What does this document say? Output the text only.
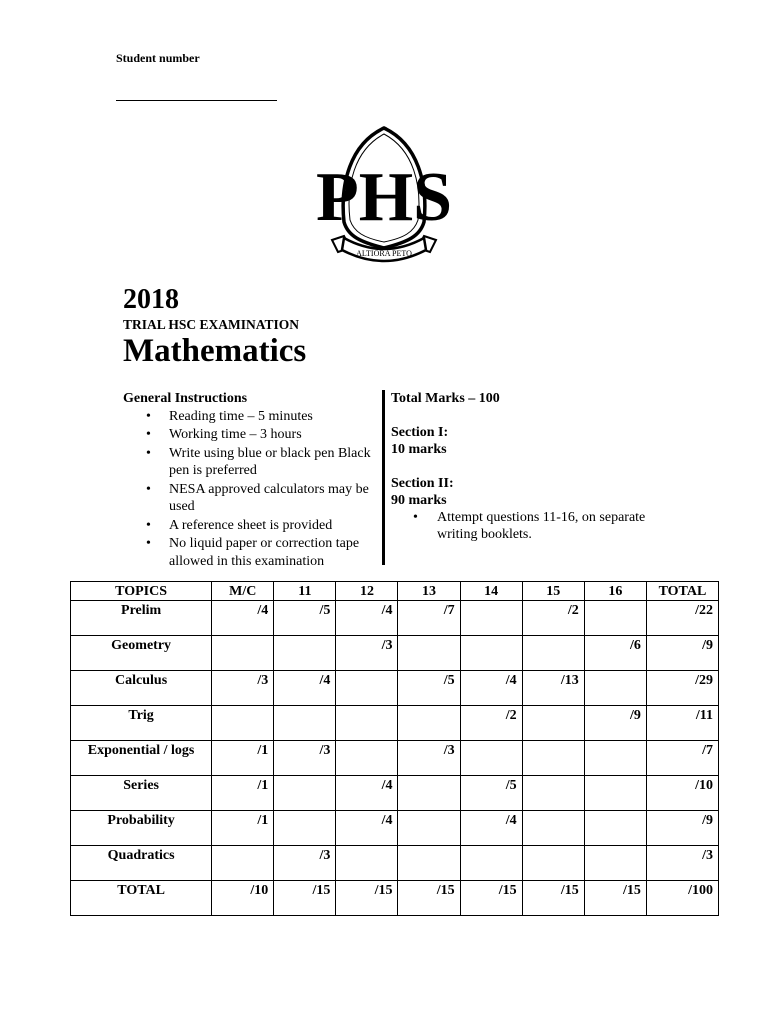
Student number
PHS
ALTIORA PETO
2018
TRIAL HSC EXAMINATION
Mathematics
General Instructions
• Reading time – 5 minutes
• Working time – 3 hours
• Write using blue or black pen Black pen is preferred
• NESA approved calculators may be used
• A reference sheet is provided
• No liquid paper or correction tape allowed in this examination
Total Marks – 100
Section I:
10 marks
Section II:
90 marks
• Attempt questions 11-16, on separate writing booklets.
TOPICS	M/C	11	12	13	14	15	16	TOTAL
Prelim	/4	/5	/4	/7		/2		/22
Geometry			/3				/6	/9
Calculus	/3	/4		/5	/4	/13		/29
Trig					/2		/9	/11
Exponential / logs	/1	/3		/3				/7
Series	/1		/4		/5			/10
Probability	/1		/4		/4			/9
Quadratics		/3						/3
TOTAL	/10	/15	/15	/15	/15	/15	/15	/100
